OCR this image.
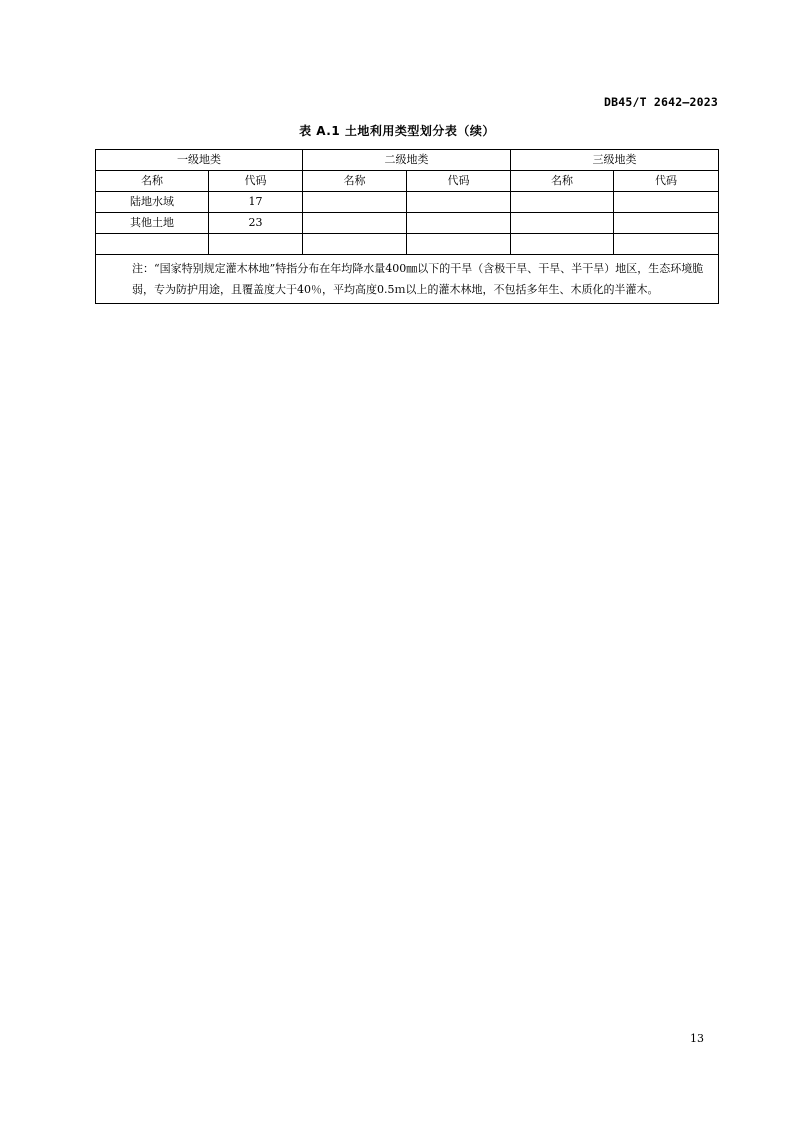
DB45/T 2642—2023
表 A.1 土地利用类型划分表（续）
一级地类		二级地类		三级地类	
名称	代码	名称	代码	名称	代码
陆地水域	17				
其他土地	23				

注：“国家特别规定灌木林地”特指分布在年均降水量400㎜以下的干旱（含极干旱、干旱、半干旱）地区，生态环境脆弱，专为防护用途，且覆盖度大于40％，平均高度0.5ｍ以上的灌木林地，不包括多年生、木质化的半灌木。					
13
